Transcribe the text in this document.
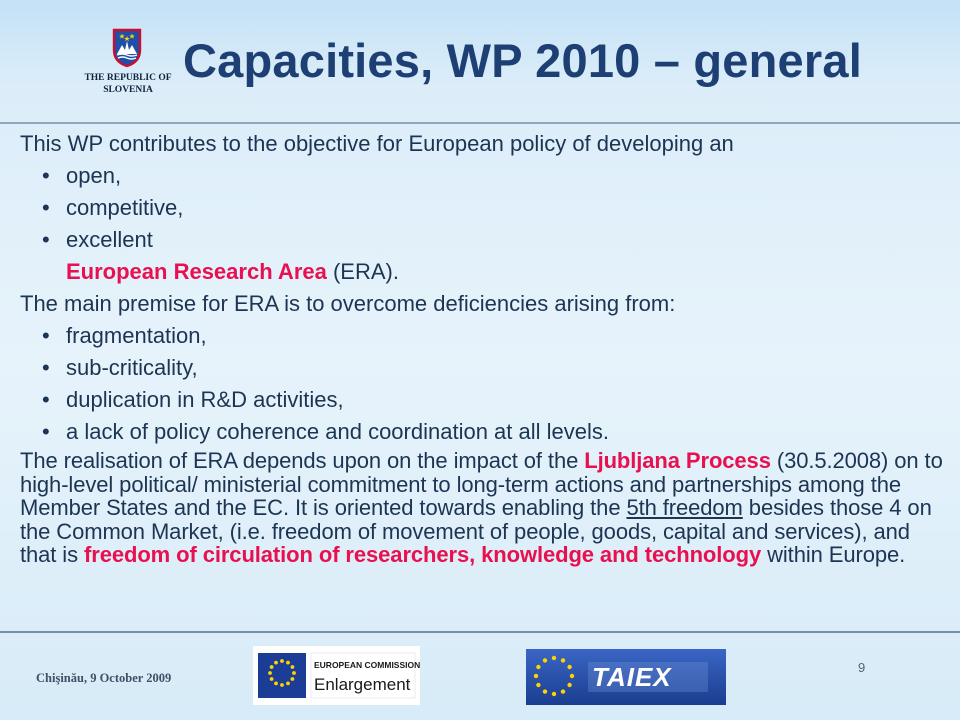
THE REPUBLIC OF
SLOVENIA
Capacities, WP 2010 – general
This WP contributes to the objective for European policy of developing an
• open,
• competitive,
• excellent
European Research Area (ERA).
The main premise for ERA is to overcome deficiencies arising from:
• fragmentation,
• sub-criticality,
• duplication in R&D activities,
• a lack of policy coherence and coordination at all levels.

The realisation of ERA depends upon on the impact of the Ljubljana Process (30.5.2008) on to high-level political/ ministerial commitment to long-term actions and partnerships among the Member States and the EC. It is oriented towards enabling the 5th freedom besides those 4 on the Common Market, (i.e. freedom of movement of people, goods, capital and services), and that is freedom of circulation of researchers, knowledge and technology within Europe.

Chişinău, 9 October 2009
9
EUROPEAN COMMISSION
Enlargement	TAIEX
